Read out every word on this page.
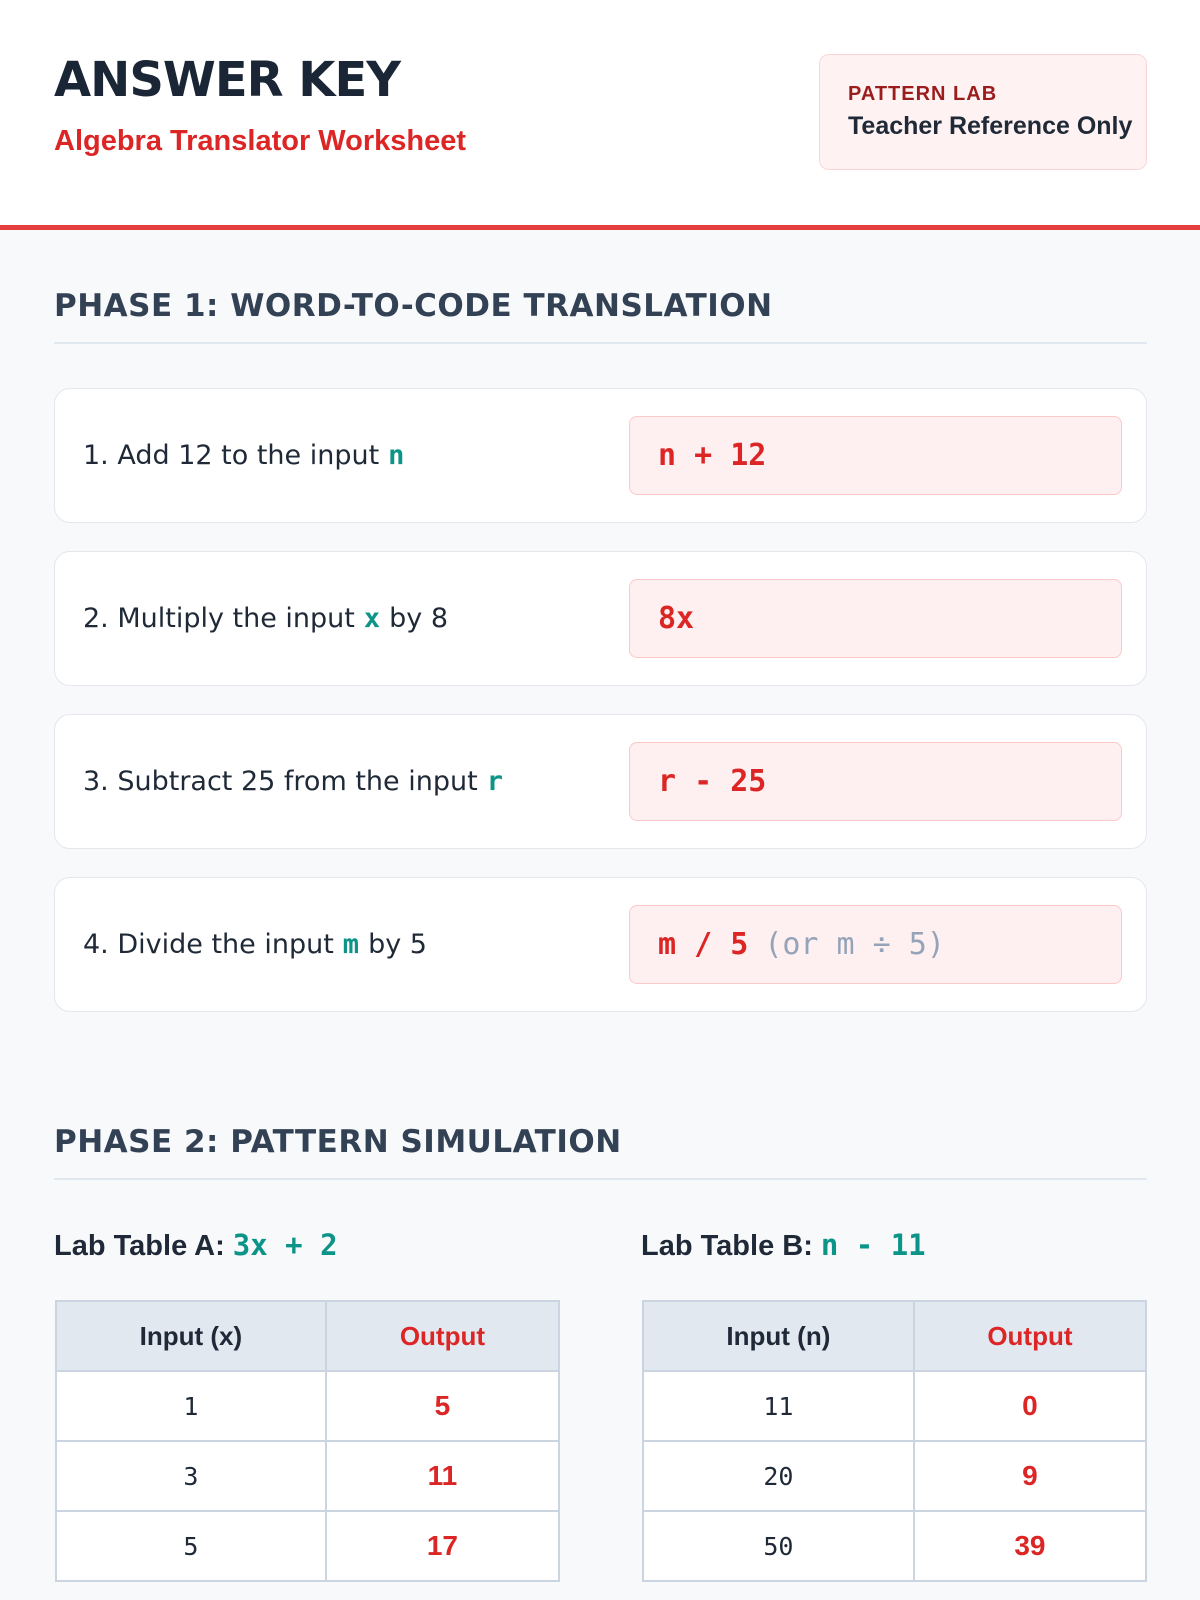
ANSWER KEY
Algebra Translator Worksheet
PATTERN LAB
Teacher Reference Only
PHASE 1: WORD-TO-CODE TRANSLATION
1. Add 12 to the input n	n + 12
2. Multiply the input x by 8	8x
3. Subtract 25 from the input r	r - 25
4. Divide the input m by 5	m / 5 (or m ÷ 5)
PHASE 2: PATTERN SIMULATION
Lab Table A: 3x + 2
Input (x)	Output
1	5
3	11
5	17
Lab Table B: n - 11
Input (n)	Output
11	0
20	9
50	39
